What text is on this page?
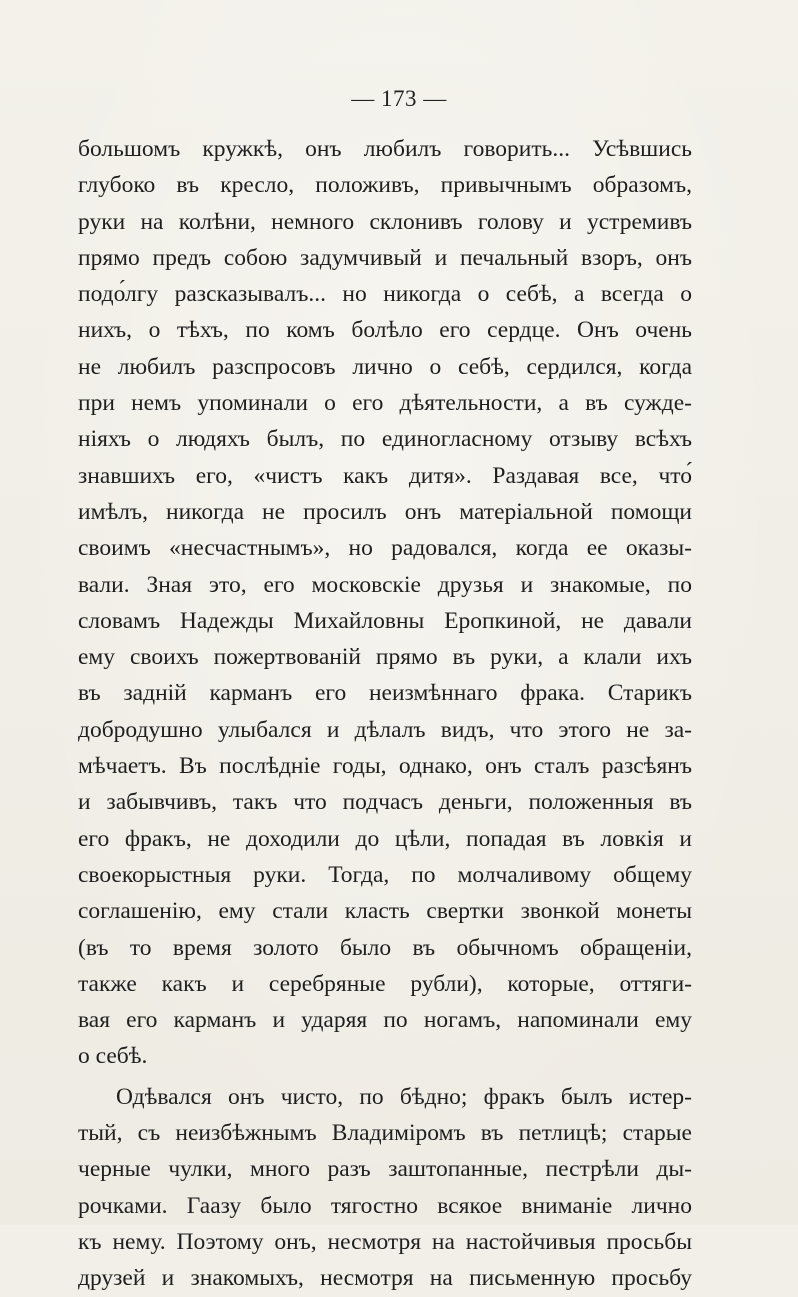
— 173 —
большомъ кружкѣ, онъ любилъ говорить... Усѣвшись
глубоко въ кресло, положивъ, привычнымъ образомъ,
руки на колѣни, немного склонивъ голову и устремивъ
прямо предъ собою задумчивый и печальный взоръ, онъ
подо́лгу разсказывалъ... но никогда о себѣ, а всегда о
нихъ, о тѣхъ, по комъ болѣло его сердце. Онъ очень
не любилъ разспросовъ лично о себѣ, сердился, когда
при немъ упоминали о его дѣятельности, а въ сужде-
ніяхъ о людяхъ былъ, по единогласному отзыву всѣхъ
знавшихъ его, «чистъ какъ дитя». Раздавая все, что́
имѣлъ, никогда не просилъ онъ матеріальной помощи
своимъ «несчастнымъ», но радовался, когда ее оказы-
вали. Зная это, его московскіе друзья и знакомые, по
словамъ Надежды Михайловны Еропкиной, не давали
ему своихъ пожертвованій прямо въ руки, а клали ихъ
въ задній карманъ его неизмѣннаго фрака. Старикъ
добродушно улыбался и дѣлалъ видъ, что этого не за-
мѣчаетъ. Въ послѣдніе годы, однако, онъ сталъ разсѣянъ
и забывчивъ, такъ что подчасъ деньги, положенныя въ
его фракъ, не доходили до цѣли, попадая въ ловкія и
своекорыстныя руки. Тогда, по молчаливому общему
соглашенію, ему стали класть свертки звонкой монеты
(въ то время золото было въ обычномъ обращеніи,
также какъ и серебряные рубли), которые, оттяги-
вая его карманъ и ударяя по ногамъ, напоминали ему
о себѣ.
Одѣвался онъ чисто, по бѣдно; фракъ былъ истер-
тый, съ неизбѣжнымъ Владиміромъ въ петлицѣ; старые
черные чулки, много разъ заштопанные, пестрѣли ды-
рочками. Гаазу было тягостно всякое вниманіе лично
къ нему. Поэтому онъ, несмотря на настойчивыя просьбы
друзей и знакомыхъ, несмотря на письменную просьбу
